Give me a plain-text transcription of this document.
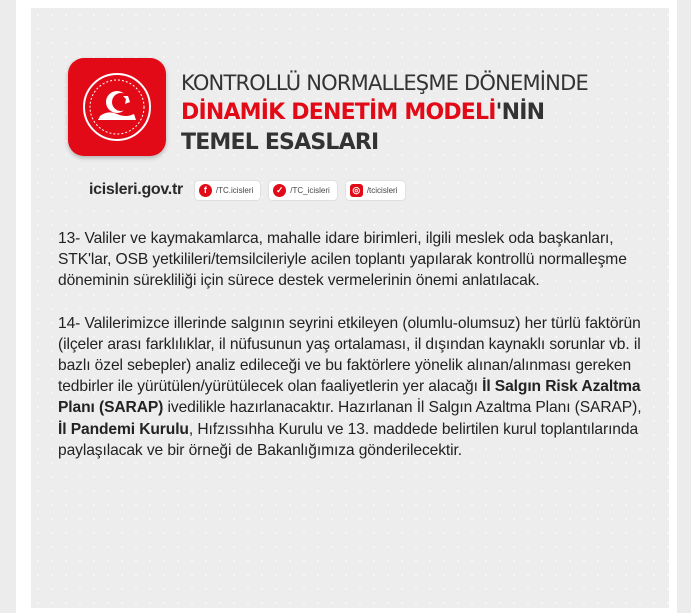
KONTROLLÜ NORMALLEŞME DÖNEMİNDE
DİNAMİK DENETİM MODELİ'NİN
TEMEL ESASLARI
icisleri.gov.tr	f	/TC.icisleri	✓ /TC_icisleri	◎ /tcicisleri

13- Valiler ve kaymakamlarca, mahalle idare birimleri, ilgili meslek oda başkanları, STK'lar, OSB yetkilileri/temsilcileriyle acilen toplantı yapılarak kontrollü normalleşme döneminin sürekliliği için sürece destek vermelerinin önemi anlatılacak.

14- Valilerimizce illerinde salgının seyrini etkileyen (olumlu-olumsuz) her türlü faktörün (ilçeler arası farklılıklar, il nüfusunun yaş ortalaması, il dışından kaynaklı sorunlar vb. il bazlı özel sebepler) analiz edileceği ve bu faktörlere yönelik alınan/alınması gereken tedbirler ile yürütülen/yürütülecek olan faaliyetlerin yer alacağı İl Salgın Risk Azaltma Planı (SARAP) ivedilikle hazırlanacaktır. Hazırlanan İl Salgın Azaltma Planı (SARAP), İl Pandemi Kurulu, Hıfzıssıhha Kurulu ve 13. maddede belirtilen kurul toplantılarında paylaşılacak ve bir örneği de Bakanlığımıza gönderilecektir.
